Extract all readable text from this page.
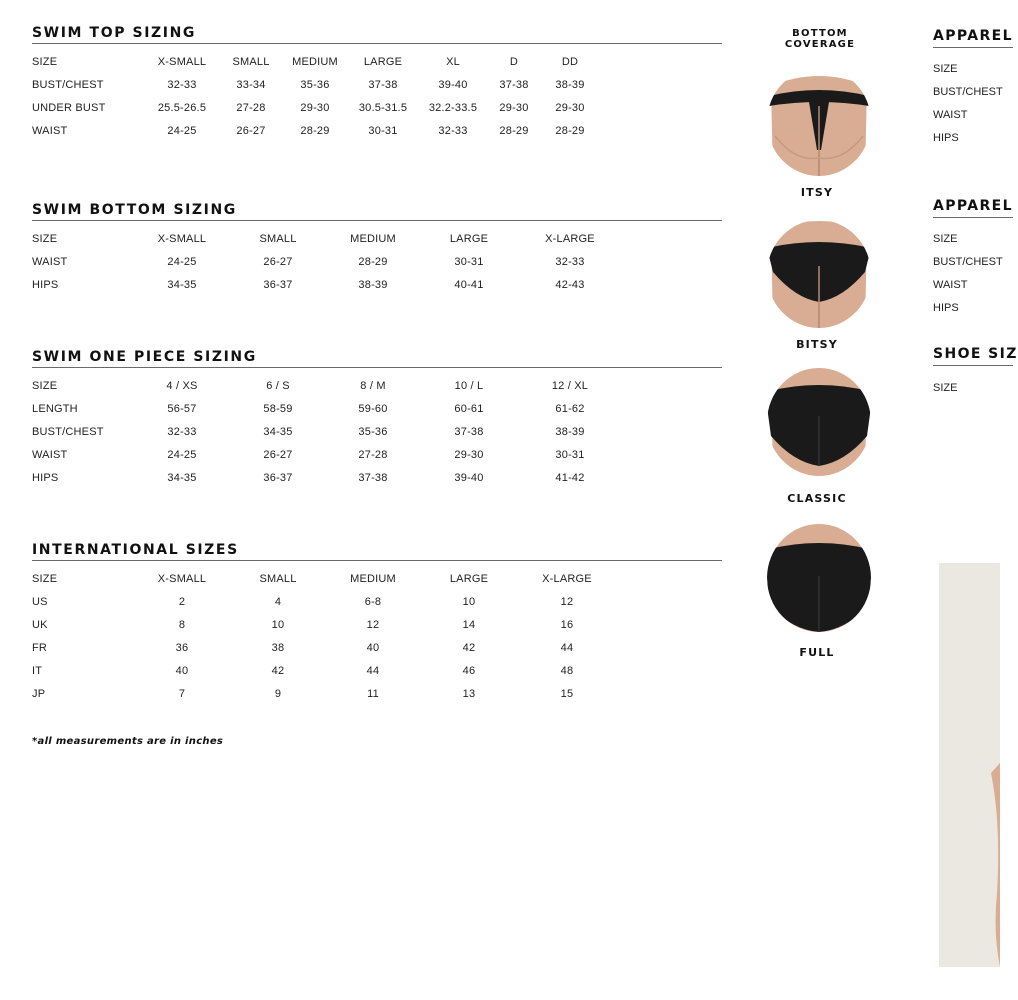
SWIM TOP SIZING
SIZE	X-SMALL SMALL MEDIUM LARGE	XL	D	DD
BUST/CHEST	32-33	33-34	35-36	37-38	39-40	37-38 38-39
UNDER BUST	25.5-26.5	27-28	29-30	30.5-31.5 32.2-33.5 29-30 29-30
WAIST	24-25	26-27	28-29	30-31	32-33	28-29 28-29
SWIM BOTTOM SIZING
SIZE	X-SMALL	SMALL	MEDIUM	LARGE	X-LARGE
WAIST	24-25	26-27	28-29	30-31	32-33
HIPS	34-35	36-37	38-39	40-41	42-43
SWIM ONE PIECE SIZING
SIZE	4 / XS	6 / S	8 / M	10 / L	12 / XL
LENGTH	56-57	58-59	59-60	60-61	61-62
BUST/CHEST	32-33	34-35	35-36	37-38	38-39
WAIST	24-25	26-27	27-28	29-30	30-31
HIPS	34-35	36-37	37-38	39-40	41-42
INTERNATIONAL SIZES
SIZE	X-SMALL	SMALL	MEDIUM	LARGE	X-LARGE
US	2	4	6-8	10	12
UK	8	10	12	14	16
FR	36	38	40	42	44
IT	40	42	44	46	48
JP	7	9	11	13	15
*all measurements are in inches
BOTTOM COVERAGE
ITSY
BITSY
CLASSIC
FULL
APPAREL
SIZE
BUST/CHEST
WAIST
HIPS
APPAREL
SIZE
BUST/CHEST
WAIST
HIPS
SHOE SIZ
SIZE
